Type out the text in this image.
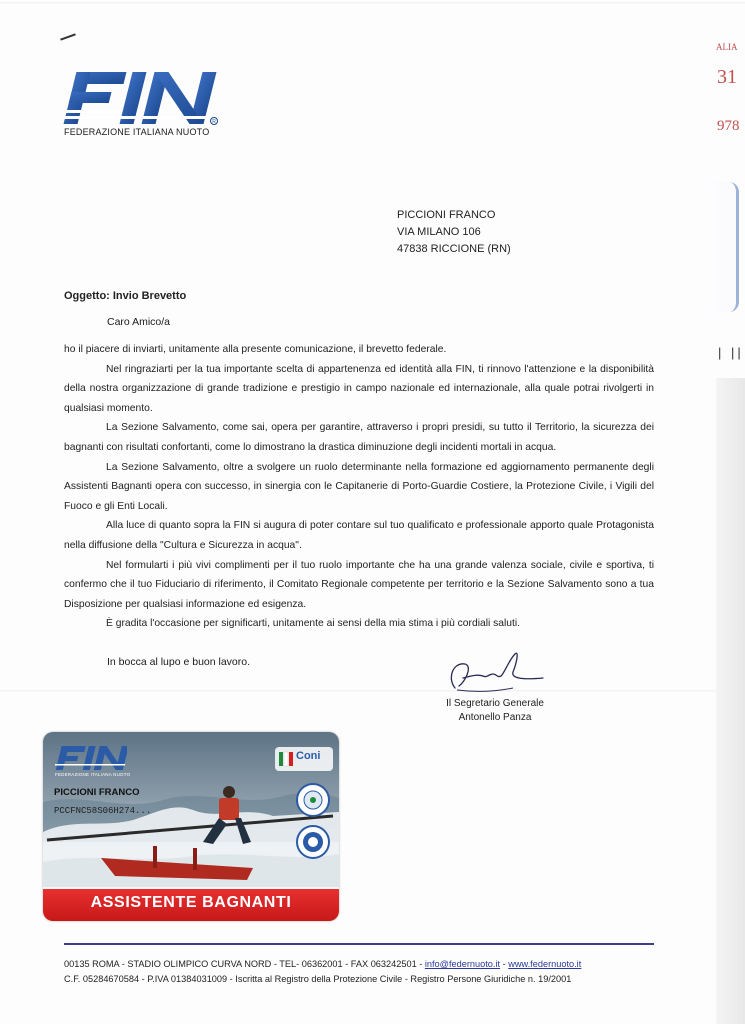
R
FEDERAZIONE ITALIANA NUOTO
ALIA
31
978
| ||
PICCIONI FRANCO
VIA MILANO 106
47838 RICCIONE (RN)
Oggetto: Invio Brevetto
Caro Amico/a

ho il piacere di inviarti, unitamente alla presente comunicazione, il brevetto federale.

Nel ringraziarti per la tua importante scelta di appartenenza ed identità alla FIN, ti rinnovo l'attenzione e la disponibilità della nostra organizzazione di grande tradizione e prestigio in campo nazionale ed internazionale, alla quale potrai rivolgerti in qualsiasi momento.

La Sezione Salvamento, come sai, opera per garantire, attraverso i propri presidi, su tutto il Territorio, la sicurezza dei bagnanti con risultati confortanti, come lo dimostrano la drastica diminuzione degli incidenti mortali in acqua.

La Sezione Salvamento, oltre a svolgere un ruolo determinante nella formazione ed aggiornamento permanente degli Assistenti Bagnanti opera con successo, in sinergia con le Capitanerie di Porto-Guardie Costiere, la Protezione Civile, i Vigili del Fuoco e gli Enti Locali.

Alla luce di quanto sopra la FIN si augura di poter contare sul tuo qualificato e professionale apporto quale Protagonista nella diffusione della "Cultura e Sicurezza in acqua".

Nel formularti i più vivi complimenti per il tuo ruolo importante che ha una grande valenza sociale, civile e sportiva, ti confermo che il tuo Fiduciario di riferimento, il Comitato Regionale competente per territorio e la Sezione Salvamento sono a tua Disposizione per qualsiasi informazione ed esigenza.

È gradita l'occasione per significarti, unitamente ai sensi della mia stima i più cordiali saluti.

In bocca al lupo e buon lavoro.
Il Segretario Generale
Antonello Panza
FEDERAZIONE ITALIANA NUOTO
PICCIONI FRANCO
PCCFNC58S06H274...
Coni
ASSISTENTE BAGNANTI
00135 ROMA - STADIO OLIMPICO CURVA NORD - TEL- 06362001 - FAX 063242501 - info@federnuoto.it - www.federnuoto.it
C.F. 05284670584 - P.IVA 01384031009 - Iscritta al Registro della Protezione Civile - Registro Persone Giuridiche n. 19/2001
